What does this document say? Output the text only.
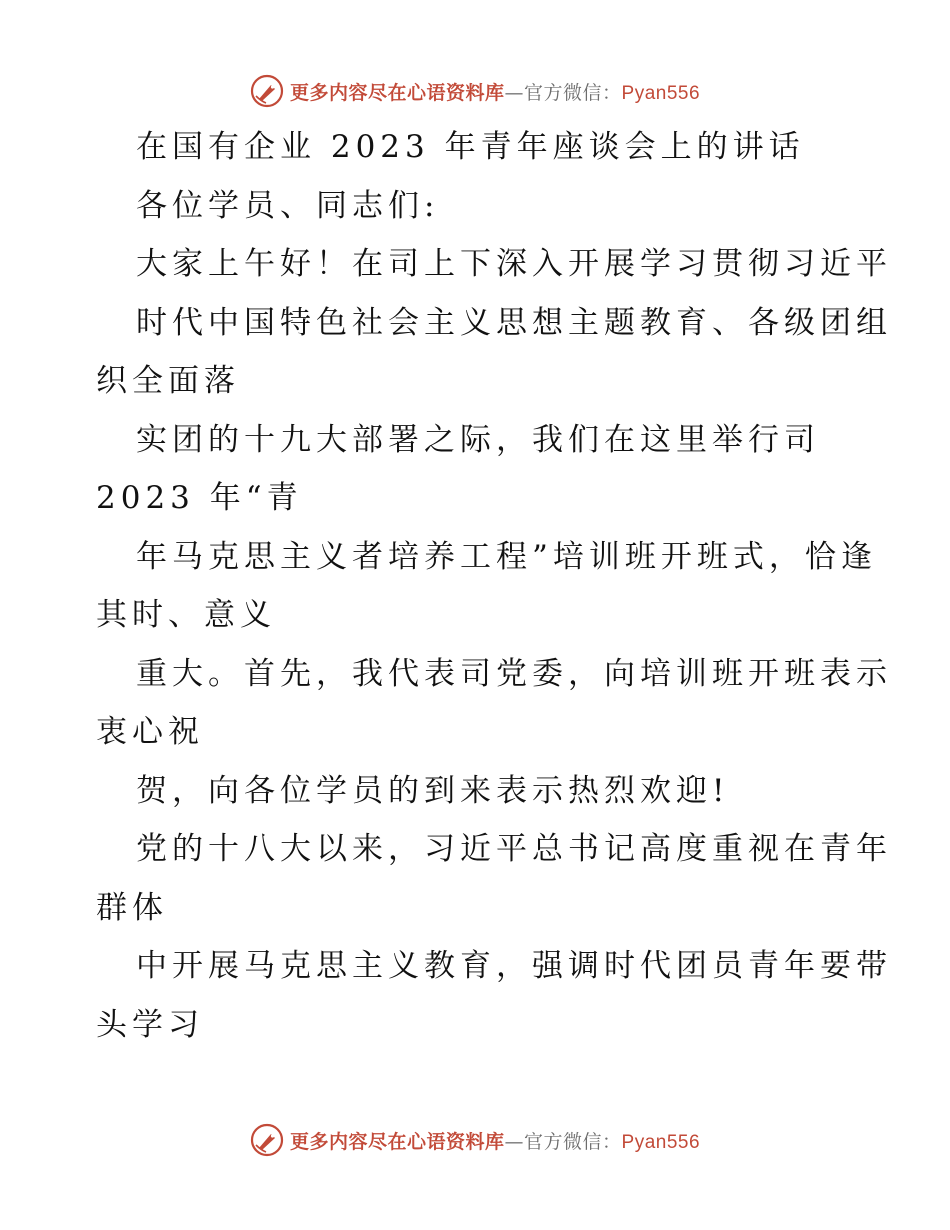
更多内容尽在心语资料库—官方微信：Pyan556
在国有企业 2023 年青年座谈会上的讲话
各位学员、同志们:
大家上午好！在司上下深入开展学习贯彻习近平
时代中国特色社会主义思想主题教育、各级团组
织全面落
实团的十九大部署之际，我们在这里举行司
2023 年“青
年马克思主义者培养工程”培训班开班式，恰逢
其时、意义
重大。首先，我代表司党委，向培训班开班表示
衷心祝
贺，向各位学员的到来表示热烈欢迎!
党的十八大以来，习近平总书记高度重视在青年
群体
中开展马克思主义教育，强调时代团员青年要带
头学习
更多内容尽在心语资料库—官方微信：Pyan556
